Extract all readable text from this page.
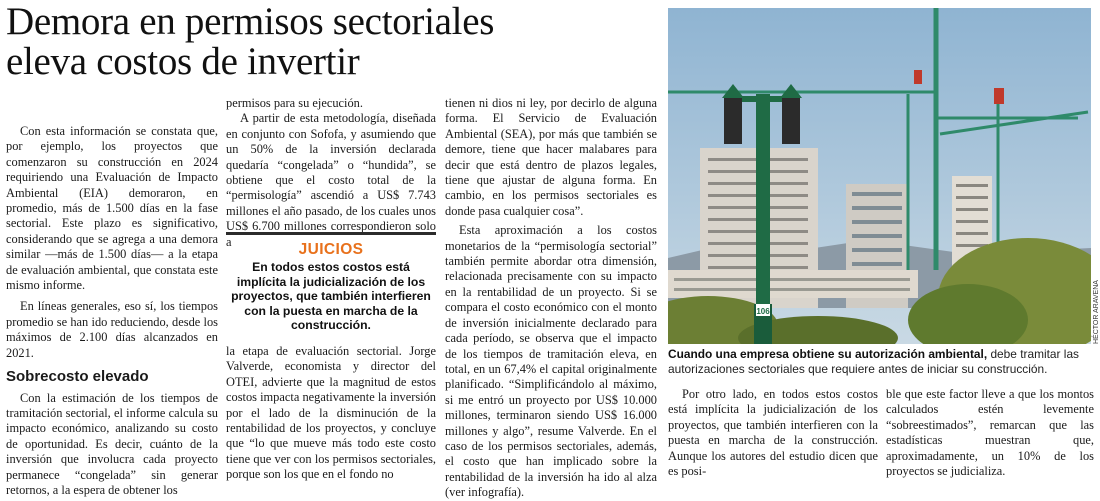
Demora en permisos sectoriales
eleva costos de invertir

Con esta información se constata que, por ejemplo, los proyectos que comenzaron su construcción en 2024 requiriendo una Evaluación de Impacto Ambiental (EIA) demoraron, en promedio, más de 1.500 días en la fase sectorial. Este plazo es significativo, considerando que se agrega a una demora similar —más de 1.500 días— a la etapa de evaluación ambiental, que constata este mismo informe.

En líneas generales, eso sí, los tiempos promedio se han ido reduciendo, desde los máximos de 2.100 días alcanzados en 2021.

Sobrecosto elevado

Con la estimación de los tiempos de tramitación sectorial, el informe calcula su impacto económico, analizando su costo de oportunidad. Es decir, cuánto de la inversión que involucra cada proyecto permanece “congelada” sin generar retornos, a la espera de obtener los

permisos para su ejecución.

A partir de esta metodología, diseñada en conjunto con Sofofa, y asumiendo que un 50% de la inversión declarada quedaría “congelada” o “hundida”, se obtiene que el costo total de la “permisología” ascendió a US$ 7.743 millones el año pasado, de los cuales unos US$ 6.700 millones correspondieron solo a	JUICIOS
En todos estos costos está implícita la judicialización de los proyectos, que también interfieren con la puesta en marcha de la construcción.

la etapa de evaluación sectorial. Jorge Valverde, economista y director del OTEI, advierte que la magnitud de estos costos impacta negativamente la inversión por el lado de la disminución de la rentabilidad de los proyectos, y concluye que “lo que mueve más todo este costo tiene que ver con los permisos sectoriales, porque son los que en el fondo no

tienen ni dios ni ley, por decirlo de alguna forma. El Servicio de Evaluación Ambiental (SEA), por más que también se demore, tiene que hacer malabares para decir que está dentro de plazos legales, tiene que ajustar de alguna forma. En cambio, en los permisos sectoriales es donde pasa cualquier cosa”.

Esta aproximación a los costos monetarios de la “permisología sectorial” también permite abordar otra dimensión, relacionada precisamente con su impacto en la rentabilidad de un proyecto. Si se compara el costo económico con el monto de inversión inicialmente declarado para cada período, se observa que el impacto de los tiempos de tramitación eleva, en total, en un 67,4% el capital originalmente planificado. “Simplificándolo al máximo, si me entró un proyecto por US$ 10.000 millones, terminaron siendo US$ 16.000 millones y algo”, resume Valverde. En el caso de los permisos sectoriales, además, el costo que han implicado sobre la rentabilidad de la inversión ha ido al alza (ver infografía).

106	HÉCTOR ARAVENA
Cuando una empresa obtiene su autorización ambiental, debe tramitar las autorizaciones sectoriales que requiere antes de iniciar su construcción.

Por otro lado, en todos estos costos está implícita la judicialización de los proyectos, que también interfieren con la puesta en marcha de la construcción. Aunque los autores del estudio dicen que es posi-

ble que este factor lleve a que los montos calculados estén levemente “sobreestimados”, remarcan que las estadísticas muestran que, aproximadamente, un 10% de los proyectos se judicializa.
